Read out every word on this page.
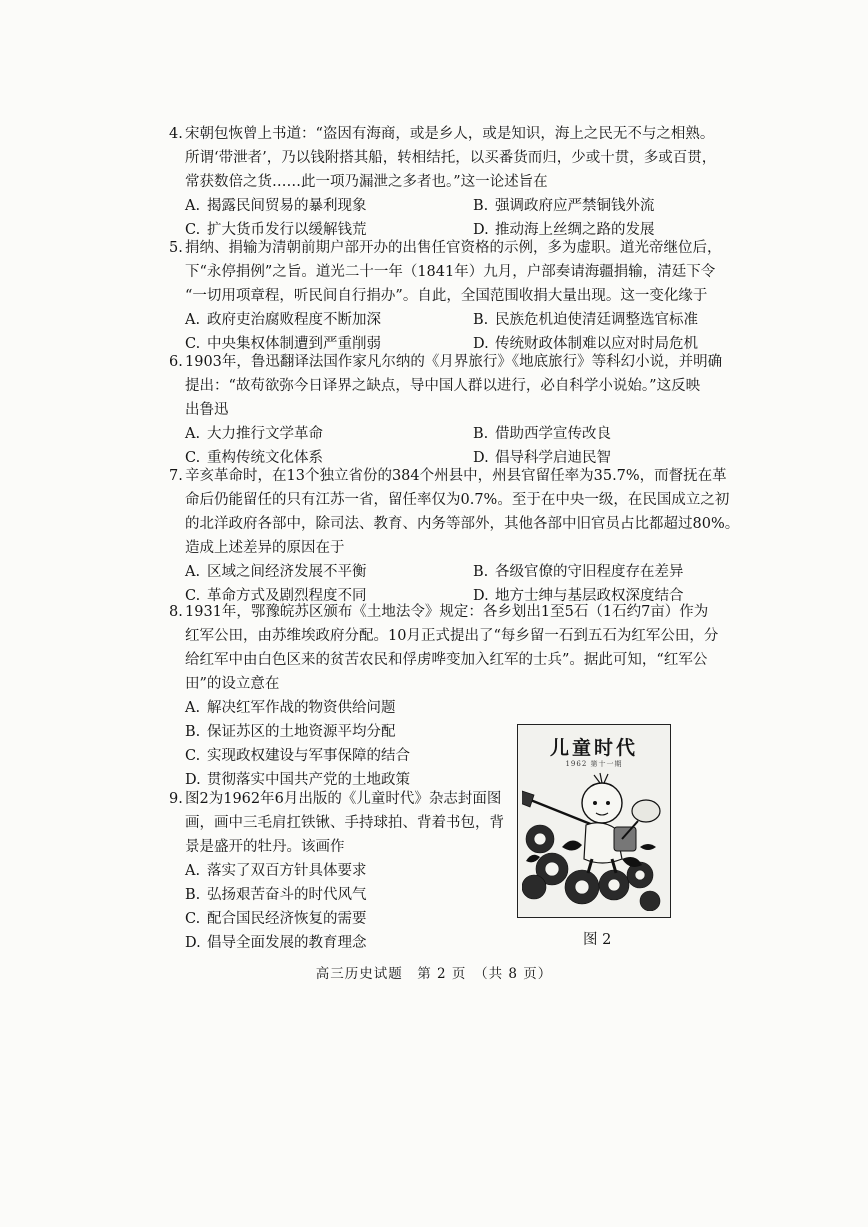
4. 宋朝包恢曾上书道：“盗因有海商，或是乡人，或是知识，海上之民无不与之相熟。
所谓‘带泄者’，乃以钱附搭其船，转相结托，以买番货而归，少或十贯，多或百贯，
常获数倍之货……此一项乃漏泄之多者也。”这一论述旨在

A. 揭露民间贸易的暴利现象	B. 强调政府应严禁铜钱外流
C. 扩大货币发行以缓解钱荒	D. 推动海上丝绸之路的发展

5. 捐纳、捐输为清朝前期户部开办的出售任官资格的示例，多为虚职。道光帝继位后，
下“永停捐例”之旨。道光二十一年（1841年）九月，户部奏请海疆捐输，清廷下令
“一切用项章程，听民间自行捐办”。自此，全国范围收捐大量出现。这一变化缘于

A. 政府吏治腐败程度不断加深	B. 民族危机迫使清廷调整选官标准
C. 中央集权体制遭到严重削弱	D. 传统财政体制难以应对时局危机

6. 1903年，鲁迅翻译法国作家凡尔纳的《月界旅行》《地底旅行》等科幻小说，并明确
提出：“故苟欲弥今日译界之缺点，导中国人群以进行，必自科学小说始。”这反映
出鲁迅

A. 大力推行文学革命	B. 借助西学宣传改良
C. 重构传统文化体系	D. 倡导科学启迪民智

7. 辛亥革命时，在13个独立省份的384个州县中，州县官留任率为35.7%，而督抚在革
命后仍能留任的只有江苏一省，留任率仅为0.7%。至于在中央一级，在民国成立之初
的北洋政府各部中，除司法、教育、内务等部外，其他各部中旧官员占比都超过80%。
造成上述差异的原因在于

A. 区域之间经济发展不平衡	B. 各级官僚的守旧程度存在差异
C. 革命方式及剧烈程度不同	D. 地方士绅与基层政权深度结合

8. 1931年，鄂豫皖苏区颁布《土地法令》规定：各乡划出1至5石（1石约7亩）作为
红军公田，由苏维埃政府分配。10月正式提出了“每乡留一石到五石为红军公田，分
给红军中由白色区来的贫苦农民和俘虏哗变加入红军的士兵”。据此可知，“红军公
田”的设立意在

A. 解决红军作战的物资供给问题
B. 保证苏区的土地资源平均分配
C. 实现政权建设与军事保障的结合
D. 贯彻落实中国共产党的土地政策

9. 图2为1962年6月出版的《儿童时代》杂志封面图
画，画中三毛肩扛铁锹、手持球拍、背着书包，背
景是盛开的牡丹。该画作

A. 落实了双百方针具体要求
B. 弘扬艰苦奋斗的时代风气
C. 配合国民经济恢复的需要
D. 倡导全面发展的教育理念
儿童时代
1962 第十一期
图 2
高三历史试题　第 2 页　（共 8 页）
